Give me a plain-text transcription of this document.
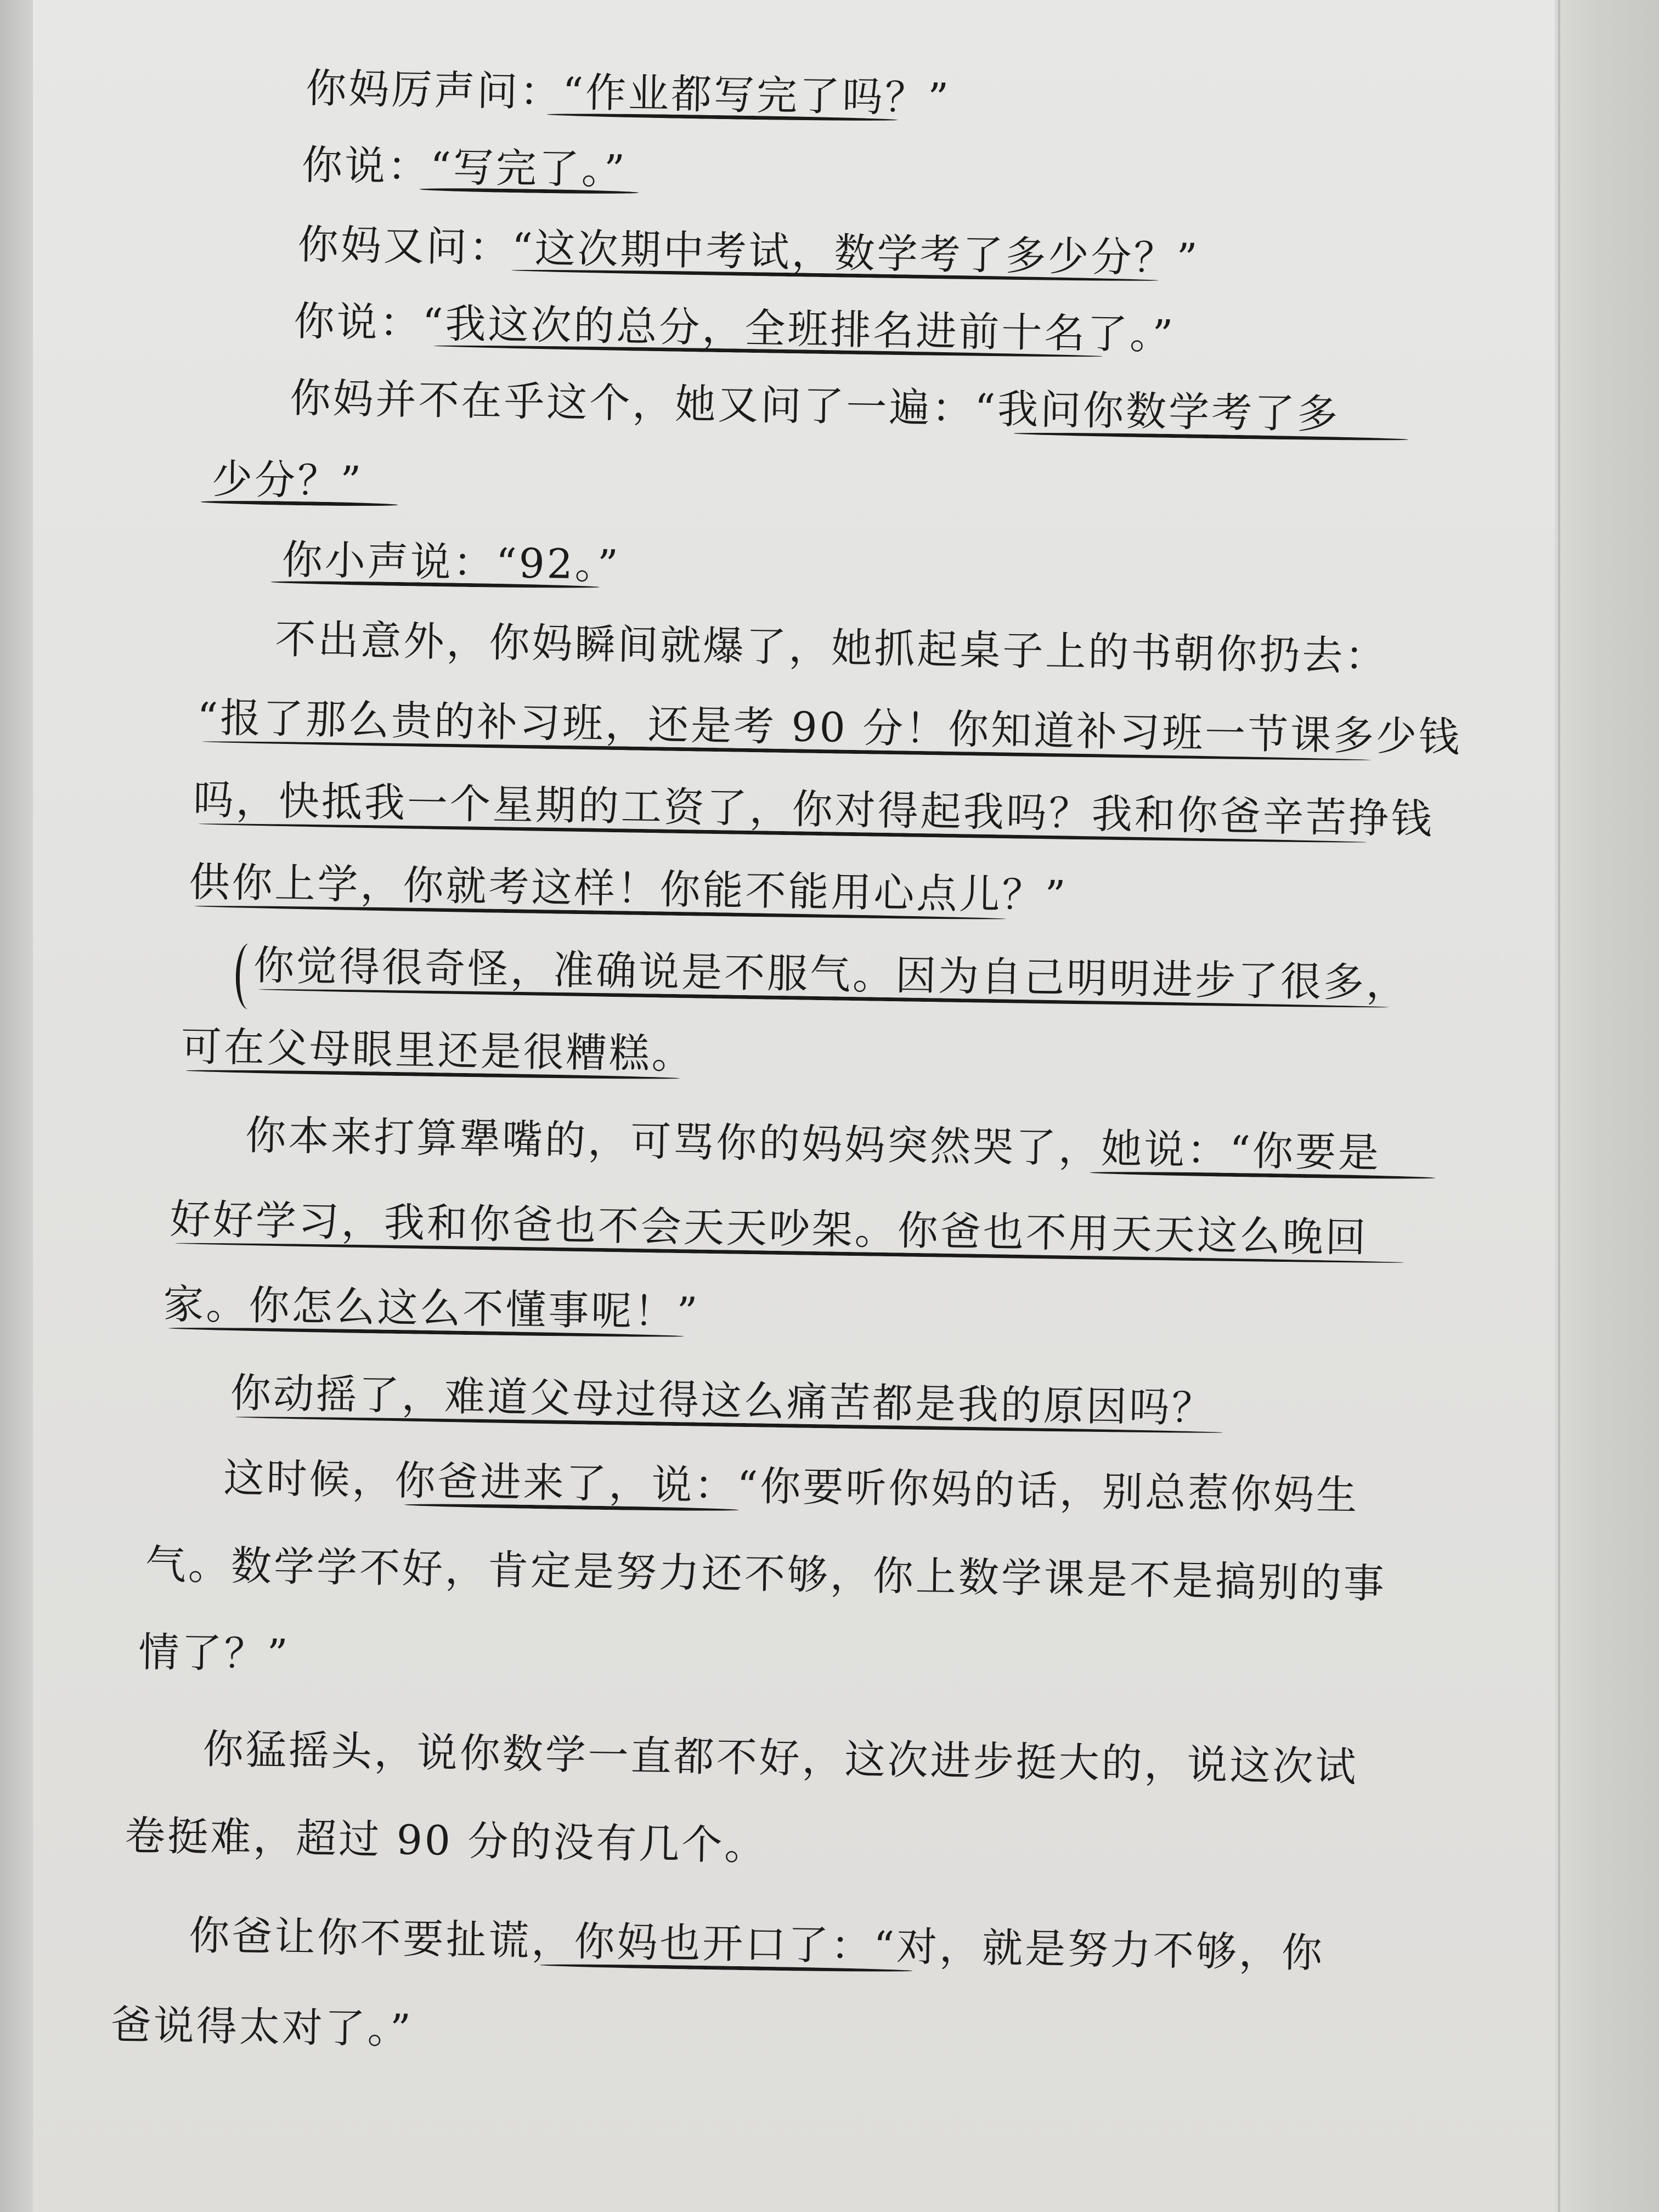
你妈厉声问：“作业都写完了吗？”
你说：“写完了。”
你妈又问：“这次期中考试，数学考了多少分？”
你说：“我这次的总分，全班排名进前十名了。”
你妈并不在乎这个，她又问了一遍：“我问你数学考了多
少分？”
你小声说：“92。”
不出意外，你妈瞬间就爆了，她抓起桌子上的书朝你扔去：
“报了那么贵的补习班，还是考 90 分！你知道补习班一节课多少钱
吗，快抵我一个星期的工资了，你对得起我吗？我和你爸辛苦挣钱
供你上学，你就考这样！你能不能用心点儿？”
你觉得很奇怪，准确说是不服气。因为自己明明进步了很多，
可在父母眼里还是很糟糕。
你本来打算犟嘴的，可骂你的妈妈突然哭了，她说：“你要是
好好学习，我和你爸也不会天天吵架。你爸也不用天天这么晚回
家。你怎么这么不懂事呢！”
你动摇了，难道父母过得这么痛苦都是我的原因吗？
这时候，你爸进来了，说：“你要听你妈的话，别总惹你妈生
气。数学学不好，肯定是努力还不够，你上数学课是不是搞别的事
情了？”
你猛摇头，说你数学一直都不好，这次进步挺大的，说这次试
卷挺难，超过 90 分的没有几个。
你爸让你不要扯谎，你妈也开口了：“对，就是努力不够，你
爸说得太对了。”
